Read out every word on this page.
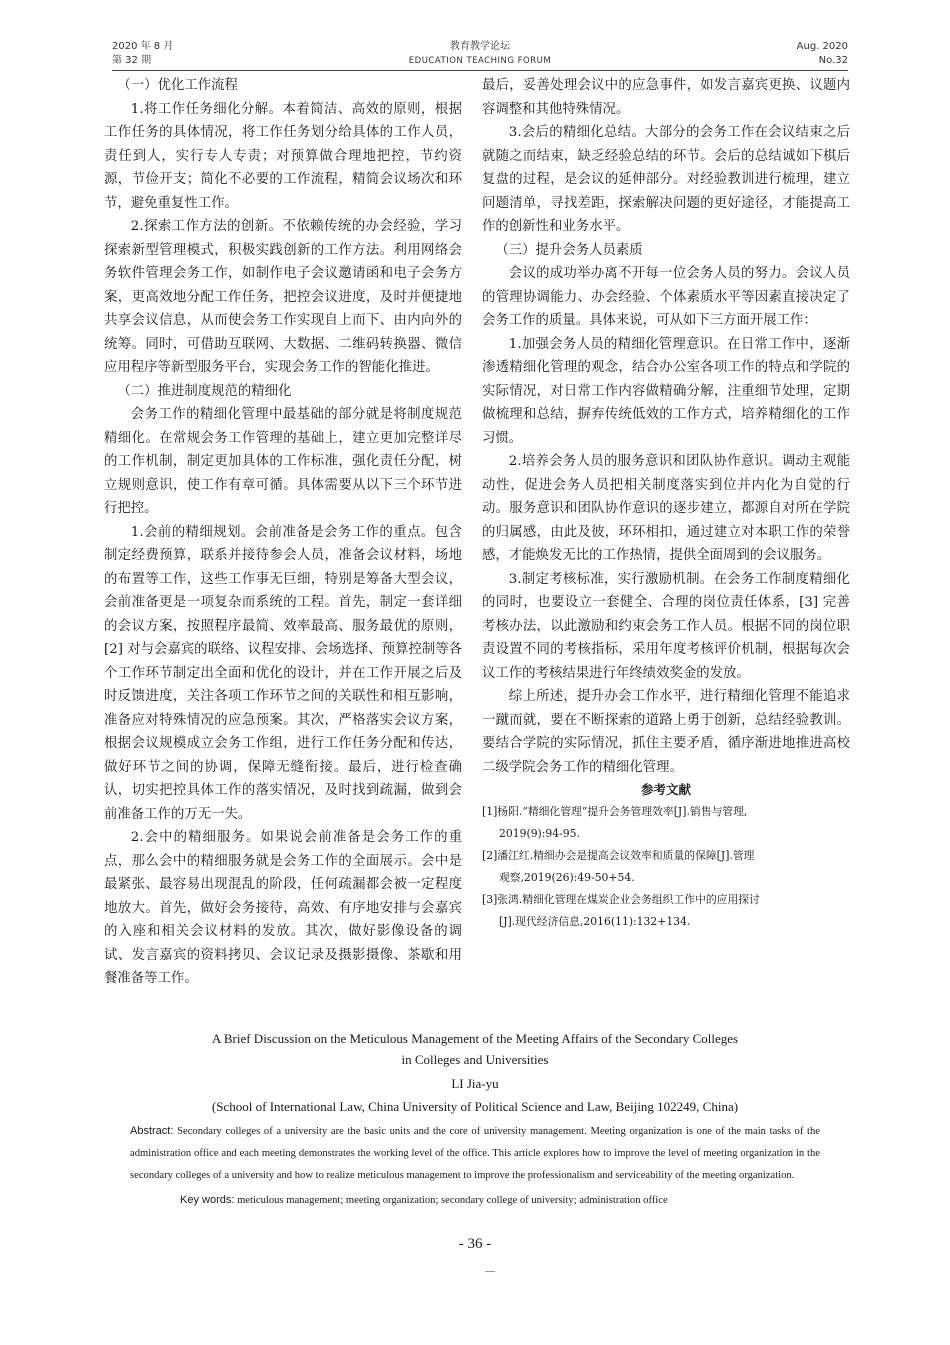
2020 年 8 月
第 32 期
教育教学论坛
EDUCATION TEACHING FORUM
Aug. 2020
No.32

（一）优化工作流程

1.将工作任务细化分解。本着简洁、高效的原则，根据工作任务的具体情况，将工作任务划分给具体的工作人员，责任到人，实行专人专责；对预算做合理地把控，节约资源，节俭开支；简化不必要的工作流程，精简会议场次和环节，避免重复性工作。

2.探索工作方法的创新。不依赖传统的办会经验，学习探索新型管理模式，积极实践创新的工作方法。利用网络会务软件管理会务工作，如制作电子会议邀请函和电子会务方案，更高效地分配工作任务，把控会议进度，及时并便捷地共享会议信息，从而使会务工作实现自上而下、由内向外的统筹。同时，可借助互联网、大数据、二维码转换器、微信应用程序等新型服务平台，实现会务工作的智能化推进。

（二）推进制度规范的精细化

会务工作的精细化管理中最基础的部分就是将制度规范精细化。在常规会务工作管理的基础上，建立更加完整详尽的工作机制，制定更加具体的工作标准，强化责任分配，树立规则意识，使工作有章可循。具体需要从以下三个环节进行把控。

1.会前的精细规划。会前准备是会务工作的重点。包含制定经费预算，联系并接待参会人员，准备会议材料，场地的布置等工作，这些工作事无巨细，特别是筹备大型会议，会前准备更是一项复杂而系统的工程。首先，制定一套详细的会议方案，按照程序最简、效率最高、服务最优的原则，[2] 对与会嘉宾的联络、议程安排、会场选择、预算控制等各个工作环节制定出全面和优化的设计，并在工作开展之后及时反馈进度，关注各项工作环节之间的关联性和相互影响，准备应对特殊情况的应急预案。其次，严格落实会议方案，根据会议规模成立会务工作组，进行工作任务分配和传达，做好环节之间的协调，保障无缝衔接。最后，进行检查确认，切实把控具体工作的落实情况，及时找到疏漏，做到会前准备工作的万无一失。

2.会中的精细服务。如果说会前准备是会务工作的重点，那么会中的精细服务就是会务工作的全面展示。会中是最紧张、最容易出现混乱的阶段，任何疏漏都会被一定程度地放大。首先，做好会务接待，高效、有序地安排与会嘉宾的入座和相关会议材料的发放。其次，做好影像设备的调试、发言嘉宾的资料拷贝、会议记录及摄影摄像、茶歇和用餐准备等工作。

最后，妥善处理会议中的应急事件，如发言嘉宾更换、议题内容调整和其他特殊情况。

3.会后的精细化总结。大部分的会务工作在会议结束之后就随之而结束，缺乏经验总结的环节。会后的总结诚如下棋后复盘的过程，是会议的延伸部分。对经验教训进行梳理，建立问题清单，寻找差距，探索解决问题的更好途径，才能提高工作的创新性和业务水平。

（三）提升会务人员素质

会议的成功举办离不开每一位会务人员的努力。会议人员的管理协调能力、办会经验、个体素质水平等因素直接决定了会务工作的质量。具体来说，可从如下三方面开展工作：

1.加强会务人员的精细化管理意识。在日常工作中，逐渐渗透精细化管理的观念，结合办公室各项工作的特点和学院的实际情况，对日常工作内容做精确分解，注重细节处理，定期做梳理和总结，摒弃传统低效的工作方式，培养精细化的工作习惯。

2.培养会务人员的服务意识和团队协作意识。调动主观能动性，促进会务人员把相关制度落实到位并内化为自觉的行动。服务意识和团队协作意识的逐步建立，都源自对所在学院的归属感，由此及彼，环环相扣，通过建立对本职工作的荣誉感，才能焕发无比的工作热情，提供全面周到的会议服务。

3.制定考核标准，实行激励机制。在会务工作制度精细化的同时，也要设立一套健全、合理的岗位责任体系，[3] 完善考核办法，以此激励和约束会务工作人员。根据不同的岗位职责设置不同的考核指标，采用年度考核评价机制，根据每次会议工作的考核结果进行年终绩效奖金的发放。

综上所述，提升办会工作水平，进行精细化管理不能追求一蹴而就，要在不断探索的道路上勇于创新，总结经验教训。要结合学院的实际情况，抓住主要矛盾，循序渐进地推进高校二级学院会务工作的精细化管理。

参考文献

[1]杨阳.“精细化管理”提升会务管理效率[J].销售与管理,
2019(9):94-95.

[2]潘江红.精细办会是提高会议效率和质量的保障[J].管理
观察,2019(26):49-50+54.

[3]张鸿.精细化管理在煤炭企业会务组织工作中的应用探讨
[J].现代经济信息,2016(11):132+134.

A Brief Discussion on the Meticulous Management of the Meeting Affairs of the Secondary Colleges
in Colleges and Universities
LI Jia-yu
(School of International Law, China University of Political Science and Law, Beijing 102249, China)
Abstract: Secondary colleges of a university are the basic units and the core of university management. Meeting organization is one of the main tasks of the administration office and each meeting demonstrates the working level of the office. This article explores how to improve the level of meeting organization in the secondary colleges of a university and how to realize meticulous management to improve the professionalism and serviceability of the meeting organization.
Key words: meticulous management; meeting organization; secondary college of university; administration office
- 36 -
